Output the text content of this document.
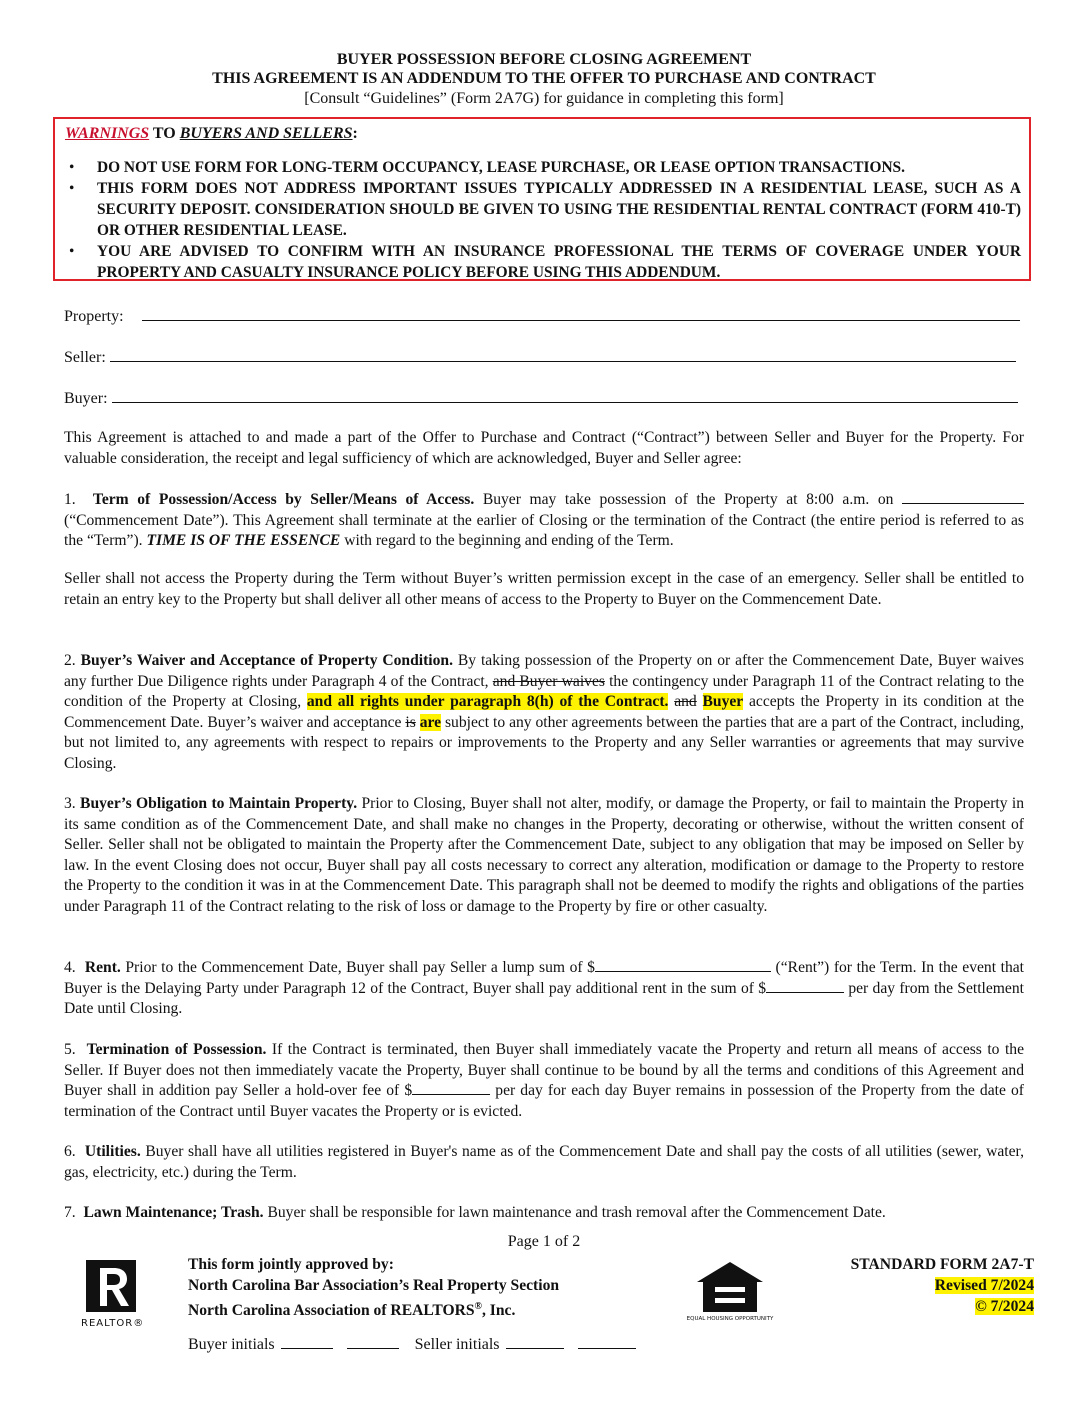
BUYER POSSESSION BEFORE CLOSING AGREEMENT
THIS AGREEMENT IS AN ADDENDUM TO THE OFFER TO PURCHASE AND CONTRACT
[Consult “Guidelines” (Form 2A7G) for guidance in completing this form]
WARNINGS TO BUYERS AND SELLERS:
• DO NOT USE FORM FOR LONG-TERM OCCUPANCY, LEASE PURCHASE, OR LEASE OPTION TRANSACTIONS.
• THIS FORM DOES NOT ADDRESS IMPORTANT ISSUES TYPICALLY ADDRESSED IN A RESIDENTIAL LEASE, SUCH AS A SECURITY DEPOSIT. CONSIDERATION SHOULD BE GIVEN TO USING THE RESIDENTIAL RENTAL CONTRACT (FORM 410-T) OR OTHER RESIDENTIAL LEASE.
• YOU ARE ADVISED TO CONFIRM WITH AN INSURANCE PROFESSIONAL THE TERMS OF COVERAGE UNDER YOUR PROPERTY AND CASUALTY INSURANCE POLICY BEFORE USING THIS ADDENDUM.
Property:
Seller:
Buyer:

This Agreement is attached to and made a part of the Offer to Purchase and Contract (“Contract”) between Seller and Buyer for the Property. For valuable consideration, the receipt and legal sufficiency of which are acknowledged, Buyer and Seller agree:

1. Term of Possession/Access by Seller/Means of Access. Buyer may take possession of the Property at 8:00 a.m. on  (“Commencement Date”). This Agreement shall terminate at the earlier of Closing or the termination of the Contract (the entire period is referred to as the “Term”). TIME IS OF THE ESSENCE with regard to the beginning and ending of the Term.

Seller shall not access the Property during the Term without Buyer’s written permission except in the case of an emergency. Seller shall be entitled to retain an entry key to the Property but shall deliver all other means of access to the Property to Buyer on the Commencement Date.

2. Buyer’s Waiver and Acceptance of Property Condition. By taking possession of the Property on or after the Commencement Date, Buyer waives any further Due Diligence rights under Paragraph 4 of the Contract, and Buyer waives the contingency under Paragraph 11 of the Contract relating to the condition of the Property at Closing, and all rights under paragraph 8(h) of the Contract. and Buyer accepts the Property in its condition at the Commencement Date. Buyer’s waiver and acceptance is are subject to any other agreements between the parties that are a part of the Contract, including, but not limited to, any agreements with respect to repairs or improvements to the Property and any Seller warranties or agreements that may survive Closing.

3. Buyer’s Obligation to Maintain Property. Prior to Closing, Buyer shall not alter, modify, or damage the Property, or fail to maintain the Property in its same condition as of the Commencement Date, and shall make no changes in the Property, decorating or otherwise, without the written consent of Seller. Seller shall not be obligated to maintain the Property after the Commencement Date, subject to any obligation that may be imposed on Seller by law. In the event Closing does not occur, Buyer shall pay all costs necessary to correct any alteration, modification or damage to the Property to restore the Property to the condition it was in at the Commencement Date. This paragraph shall not be deemed to modify the rights and obligations of the parties under Paragraph 11 of the Contract relating to the risk of loss or damage to the Property by fire or other casualty.

4. Rent. Prior to the Commencement Date, Buyer shall pay Seller a lump sum of $	(“Rent”) for the Term. In the event that Buyer is the Delaying Party under Paragraph 12 of the Contract, Buyer shall pay additional rent in the sum of $	per day from the Settlement Date until Closing.

5. Termination of Possession. If the Contract is terminated, then Buyer shall immediately vacate the Property and return all means of access to the Seller. If Buyer does not then immediately vacate the Property, Buyer shall continue to be bound by all the terms and conditions of this Agreement and Buyer shall in addition pay Seller a hold-over fee of $	per day for each day Buyer remains in possession of the Property from the date of termination of the Contract until Buyer vacates the Property or is evicted.

6. Utilities. Buyer shall have all utilities registered in Buyer's name as of the Commencement Date and shall pay the costs of all utilities (sewer, water, gas, electricity, etc.) during the Term.

7. Lawn Maintenance; Trash. Buyer shall be responsible for lawn maintenance and trash removal after the Commencement Date.

Page 1 of 2
REALTOR®
This form jointly approved by:
North Carolina Bar Association’s Real Property Section
North Carolina Association of REALTORS®, Inc.	EQUAL HOUSING OPPORTUNITY
STANDARD FORM 2A7-T
Revised 7/2024
© 7/2024
Buyer initials	Seller initials
